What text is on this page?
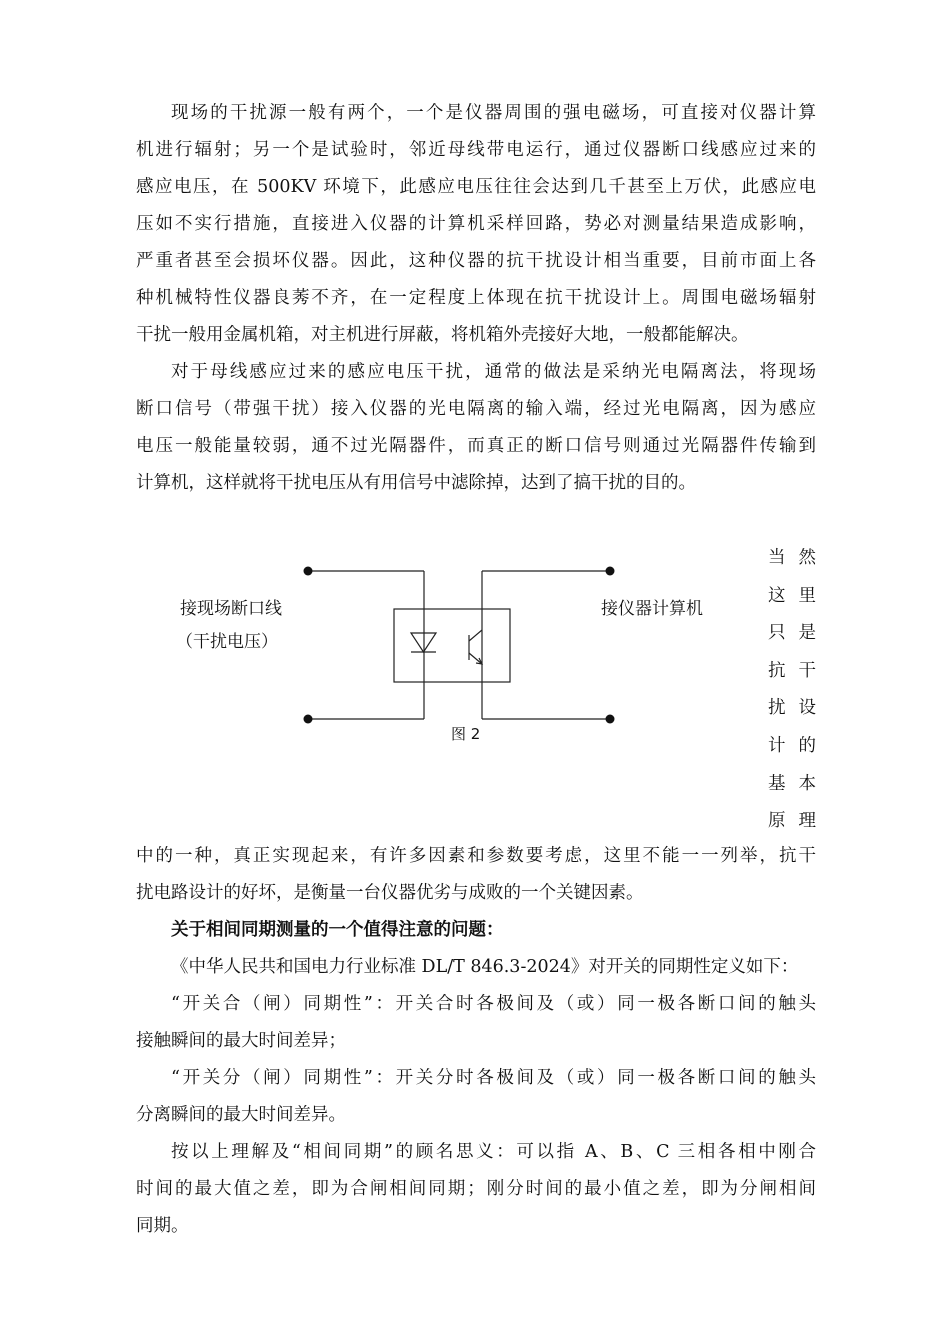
现场的干扰源一般有两个，一个是仪器周围的强电磁场，可直接对仪器计算
机进行辐射；另一个是试验时，邻近母线带电运行，通过仪器断口线感应过来的
感应电压，在 500KV 环境下，此感应电压往往会达到几千甚至上万伏，此感应电
压如不实行措施，直接进入仪器的计算机采样回路，势必对测量结果造成影响，
严重者甚至会损坏仪器。因此，这种仪器的抗干扰设计相当重要，目前市面上各
种机械特性仪器良莠不齐，在一定程度上体现在抗干扰设计上。周围电磁场辐射
干扰一般用金属机箱，对主机进行屏蔽，将机箱外壳接好大地，一般都能解决。

对于母线感应过来的感应电压干扰，通常的做法是采纳光电隔离法，将现场
断口信号（带强干扰）接入仪器的光电隔离的输入端，经过光电隔离，因为感应
电压一般能量较弱，通不过光隔器件，而真正的断口信号则通过光隔器件传输到
计算机，这样就将干扰电压从有用信号中滤除掉，达到了搞干扰的目的。

接现场断口线
（干扰电压）
接仪器计算机
图 2
当 然
这 里
只 是
抗 干
扰 设
计 的
基 本
原 理

中的一种，真正实现起来，有许多因素和参数要考虑，这里不能一一列举，抗干
扰电路设计的好坏，是衡量一台仪器优劣与成败的一个关键因素。

关于相间同期测量的一个值得注意的问题：

《中华人民共和国电力行业标准 DL/T 846.3-2024》对开关的同期性定义如下：

“开关合（闸）同期性”：开关合时各极间及（或）同一极各断口间的触头
接触瞬间的最大时间差异；

“开关分（闸）同期性”：开关分时各极间及（或）同一极各断口间的触头
分离瞬间的最大时间差异。

按以上理解及“相间同期”的顾名思义：可以指 A、B、C 三相各相中刚合
时间的最大值之差，即为合闸相间同期；刚分时间的最小值之差，即为分闸相间
同期。
